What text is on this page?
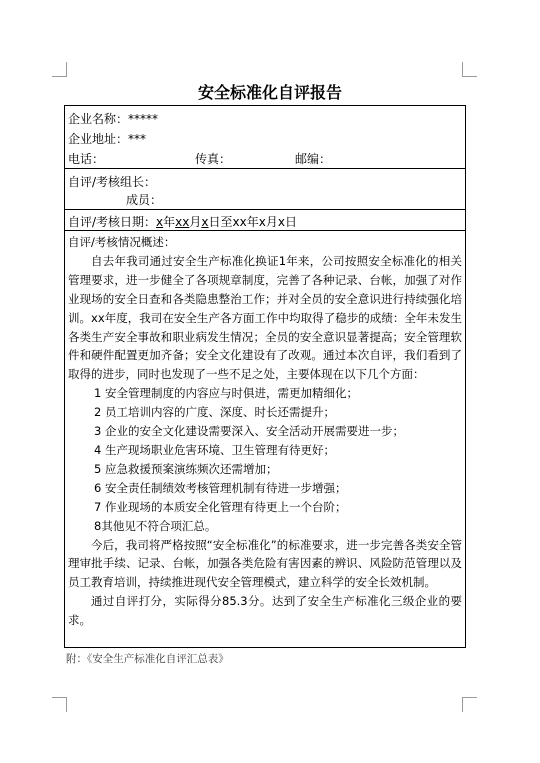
安全标准化自评报告
企业名称：*****
企业地址：***
电话：	传真：	邮编：
自评/考核组长：
成员：
自评/考核日期：x年xx月x日至xx年x月x日

自评/考核情况概述：

自去年我司通过安全生产标准化换证1年来，公司按照安全标准化的相关管理要求，进一步健全了各项规章制度，完善了各种记录、台帐，加强了对作业现场的安全日查和各类隐患整治工作；并对全员的安全意识进行持续强化培训。xx年度，我司在安全生产各方面工作中均取得了稳步的成绩：全年未发生各类生产安全事故和职业病发生情况；全员的安全意识显著提高；安全管理软件和硬件配置更加齐备；安全文化建设有了改观。通过本次自评，我们看到了取得的进步，同时也发现了一些不足之处，主要体现在以下几个方面：

1 安全管理制度的内容应与时俱进，需更加精细化；

2 员工培训内容的广度、深度、时长还需提升；

3 企业的安全文化建设需要深入、安全活动开展需要进一步；

4 生产现场职业危害环境、卫生管理有待更好；

5 应急救援预案演练频次还需增加；

6 安全责任制绩效考核管理机制有待进一步增强；

7 作业现场的本质安全化管理有待更上一个台阶；

8其他见不符合项汇总。

今后，我司将严格按照“安全标准化”的标准要求，进一步完善各类安全管理审批手续、记录、台帐，加强各类危险有害因素的辨识、风险防范管理以及员工教育培训，持续推进现代安全管理模式，建立科学的安全长效机制。

通过自评打分，实际得分85.3分。达到了安全生产标准化三级企业的要求。

附：《安全生产标准化自评汇总表》
